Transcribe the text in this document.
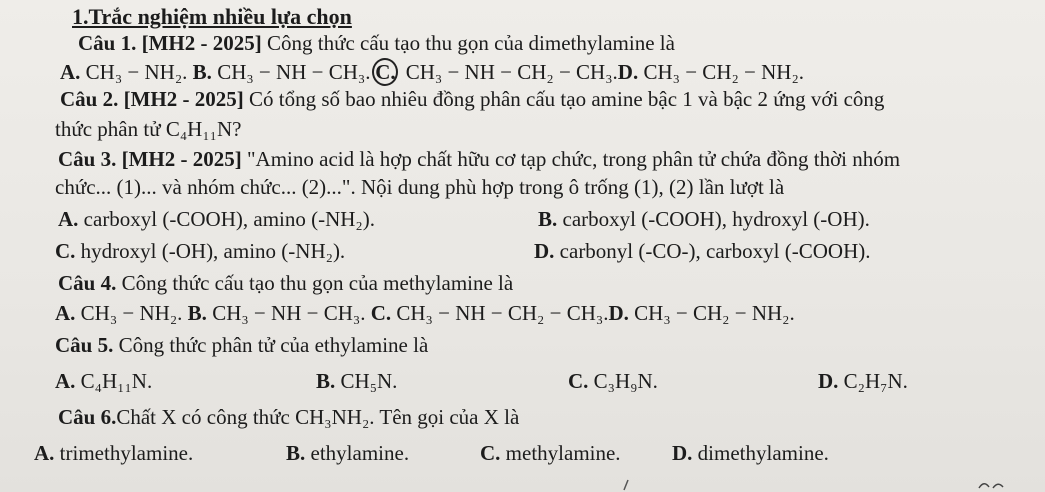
1.Trắc nghiệm nhiều lựa chọn
Câu 1. [MH2 - 2025] Công thức cấu tạo thu gọn của dimethylamine là
A. CH₃ − NH₂. B. CH₃ − NH − CH₃. C. CH₃ − NH − CH₂ − CH₃.D. CH₃ − CH₂ − NH₂.
Câu 2. [MH2 - 2025] Có tổng số bao nhiêu đồng phân cấu tạo amine bậc 1 và bậc 2 ứng với công
thức phân tử C₄H₁₁N?
Câu 3. [MH2 - 2025] "Amino acid là hợp chất hữu cơ tạp chức, trong phân tử chứa đồng thời nhóm
chức... (1)... và nhóm chức... (2)...". Nội dung phù hợp trong ô trống (1), (2) lần lượt là
A. carboxyl (-COOH), amino (-NH₂).	B. carboxyl (-COOH), hydroxyl (-OH).
C. hydroxyl (-OH), amino (-NH₂).	D. carbonyl (-CO-), carboxyl (-COOH).
Câu 4. Công thức cấu tạo thu gọn của methylamine là
A. CH₃ − NH₂. B. CH₃ − NH − CH₃. C. CH₃ − NH − CH₂ − CH₃.D. CH₃ − CH₂ − NH₂.
Câu 5. Công thức phân tử của ethylamine là
A. C₄H₁₁N.	B. CH₅N.	C. C₃H₉N.	D. C₂H₇N.
Câu 6.Chất X có công thức CH₃NH₂. Tên gọi của X là
A. trimethylamine.	B. ethylamine.	C. methylamine. D. dimethylamine.
